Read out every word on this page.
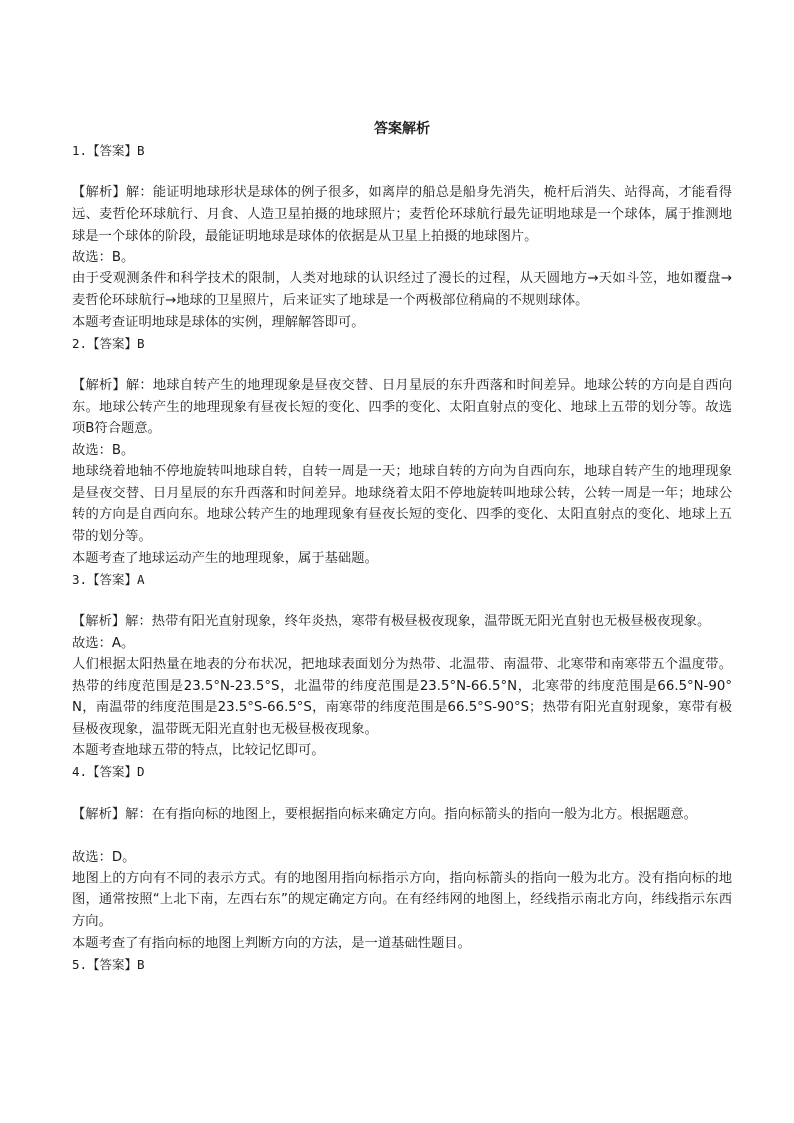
答案解析
1.【答案】B
【解析】解：能证明地球形状是球体的例子很多，如离岸的船总是船身先消失，桅杆后消失、站得高，才能看得远、麦哲伦环球航行、月食、人造卫星拍摄的地球照片；麦哲伦环球航行最先证明地球是一个球体，属于推测地球是一个球体的阶段，最能证明地球是球体的依据是从卫星上拍摄的地球图片。
故选：B。
由于受观测条件和科学技术的限制，人类对地球的认识经过了漫长的过程，从天圆地方→天如斗笠，地如覆盘→麦哲伦环球航行→地球的卫星照片，后来证实了地球是一个两极部位稍扁的不规则球体。
本题考查证明地球是球体的实例，理解解答即可。
2.【答案】B
【解析】解：地球自转产生的地理现象是昼夜交替、日月星辰的东升西落和时间差异。地球公转的方向是自西向东。地球公转产生的地理现象有昼夜长短的变化、四季的变化、太阳直射点的变化、地球上五带的划分等。故选项B符合题意。
故选：B。
地球绕着地轴不停地旋转叫地球自转，自转一周是一天；地球自转的方向为自西向东，地球自转产生的地理现象是昼夜交替、日月星辰的东升西落和时间差异。地球绕着太阳不停地旋转叫地球公转，公转一周是一年；地球公转的方向是自西向东。地球公转产生的地理现象有昼夜长短的变化、四季的变化、太阳直射点的变化、地球上五带的划分等。
本题考查了地球运动产生的地理现象，属于基础题。
3.【答案】A
【解析】解：热带有阳光直射现象，终年炎热，寒带有极昼极夜现象，温带既无阳光直射也无极昼极夜现象。
故选：A。
人们根据太阳热量在地表的分布状况，把地球表面划分为热带、北温带、南温带、北寒带和南寒带五个温度带。热带的纬度范围是23.5°N-23.5°S，北温带的纬度范围是23.5°N-66.5°N，北寒带的纬度范围是66.5°N-90°N，南温带的纬度范围是23.5°S-66.5°S，南寒带的纬度范围是66.5°S-90°S；热带有阳光直射现象，寒带有极昼极夜现象，温带既无阳光直射也无极昼极夜现象。
本题考查地球五带的特点，比较记忆即可。
4.【答案】D
【解析】解：在有指向标的地图上，要根据指向标来确定方向。指向标箭头的指向一般为北方。根据题意。
故选：D。
地图上的方向有不同的表示方式。有的地图用指向标指示方向，指向标箭头的指向一般为北方。没有指向标的地图，通常按照“上北下南，左西右东”的规定确定方向。在有经纬网的地图上，经线指示南北方向，纬线指示东西方向。
本题考查了有指向标的地图上判断方向的方法，是一道基础性题目。
5.【答案】B
